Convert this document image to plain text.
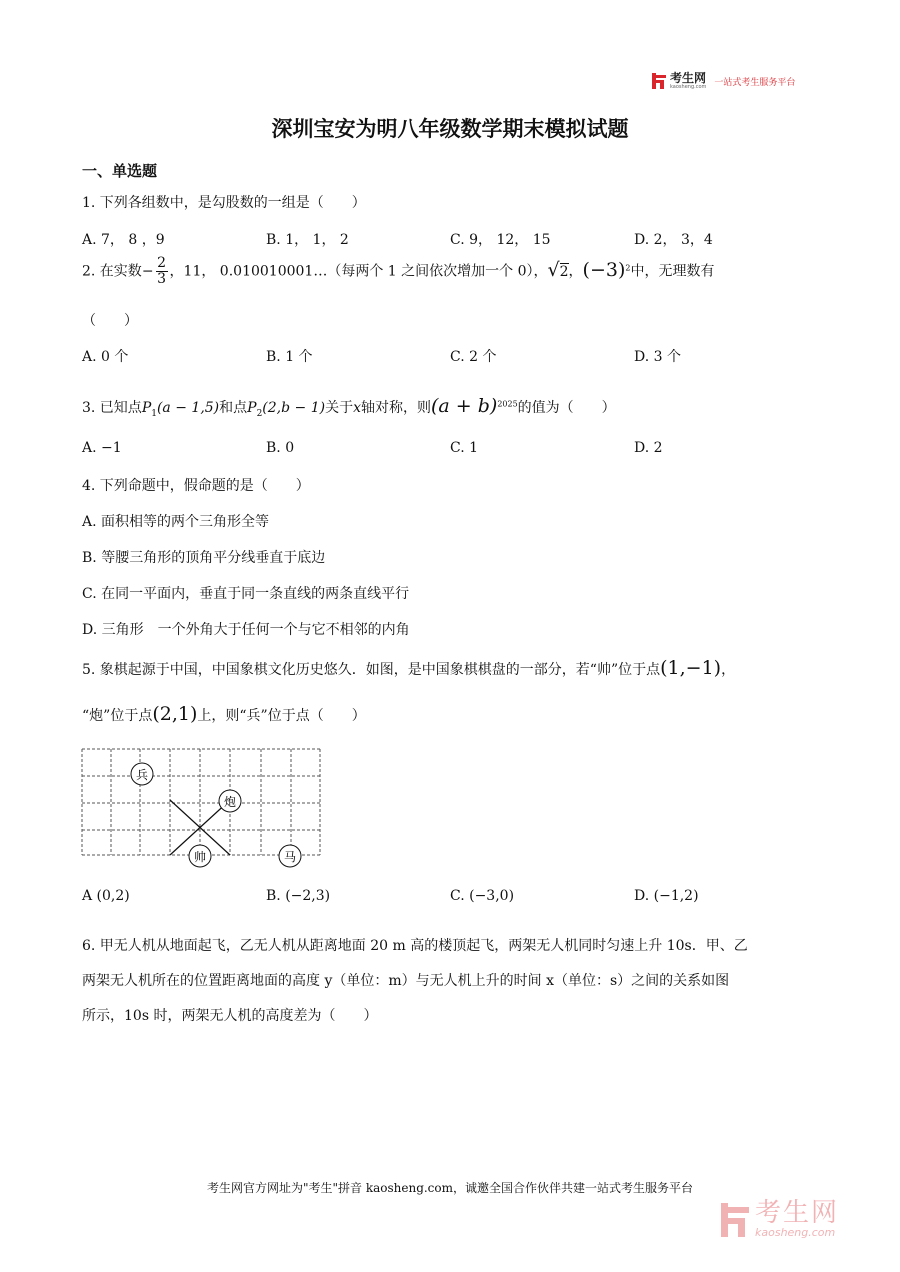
考生网
kaosheng.com 一站式考生服务平台
深圳宝安为明八年级数学期末模拟试题
一、单选题
1. 下列各组数中，是勾股数的一组是（　　）
A. 7， 8 ，9	B. 1， 1， 2	C. 9， 12， 15	D. 2， 3，4
2. 在实数− $\frac{2}{3}$ ，11， 0.010010001…（每两个 1 之间依次增加一个 0），√2，$(-3)^2$中，无理数有
（　　）
A. 0 个	B. 1 个	C. 2 个	D. 3 个
3. 已知点$P_1(a - 1,5)$和点$P_2(2,b - 1)$关于x轴对称，则$(a + b)^{2025}$的值为（　　）
A. −1	B. 0	C. 1	D. 2
4. 下列命题中，假命题的是（　　）
A. 面积相等的两个三角形全等
B. 等腰三角形的顶角平分线垂直于底边
C. 在同一平面内，垂直于同一条直线的两条直线平行
D. 三角形　一个外角大于任何一个与它不相邻的内角
5. 象棋起源于中国，中国象棋文化历史悠久．如图，是中国象棋棋盘的一部分，若“帅”位于点(1,−1)，
“炮”位于点(2,1)上，则“兵”位于点（　　）
兵
炮
帅	马
A (0,2)	B. (−2,3)	C. (−3,0)	D. (−1,2)
6. 甲无人机从地面起飞，乙无人机从距离地面 20 m 高的楼顶起飞，两架无人机同时匀速上升 10s．甲、乙
两架无人机所在的位置距离地面的高度 y（单位：m）与无人机上升的时间 x（单位：s）之间的关系如图
所示，10s 时，两架无人机的高度差为（　　）
考生网官方网址为"考生"拼音 kaosheng.com，诚邀全国合作伙伴共建一站式考生服务平台
考生网
kaosheng.com
